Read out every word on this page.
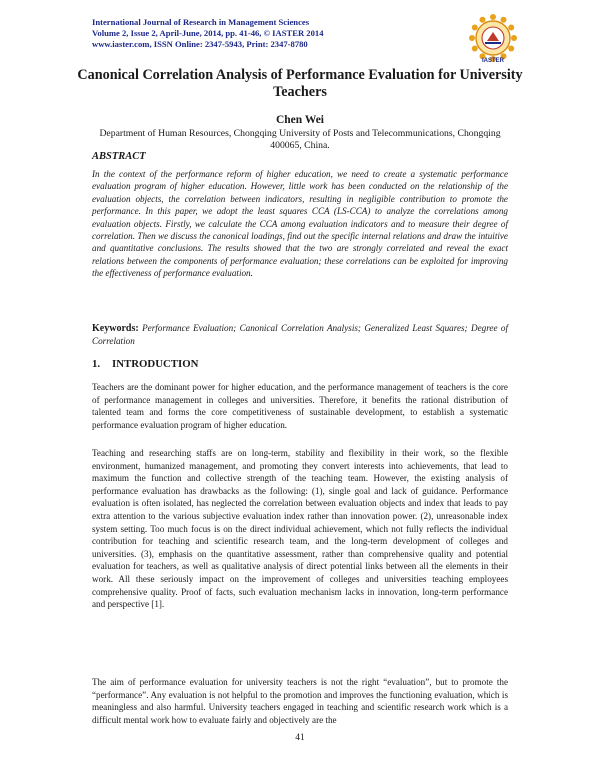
International Journal of Research in Management Sciences
Volume 2, Issue 2, April-June, 2014, pp. 41-46, © IASTER 2014
www.iaster.com, ISSN Online: 2347-5943, Print: 2347-8780
IASTER
Canonical Correlation Analysis of Performance Evaluation for University Teachers
Chen Wei
Department of Human Resources, Chongqing University of Posts and Telecommunications, Chongqing 400065, China.
ABSTRACT
In the context of the performance reform of higher education, we need to create a systematic performance evaluation program of higher education. However, little work has been conducted on the relationship of the evaluation objects, the correlation between indicators, resulting in negligible contribution to promote the performance. In this paper, we adopt the least squares CCA (LS-CCA) to analyze the correlations among evaluation objects. Firstly, we calculate the CCA among evaluation indicators and to measure their degree of correlation. Then we discuss the canonical loadings, find out the specific internal relations and draw the intuitive and quantitative conclusions. The results showed that the two are strongly correlated and reveal the exact relations between the components of performance evaluation; these correlations can be exploited for improving the effectiveness of performance evaluation.
Keywords: Performance Evaluation; Canonical Correlation Analysis; Generalized Least Squares; Degree of Correlation
1. INTRODUCTION
Teachers are the dominant power for higher education, and the performance management of teachers is the core of performance management in colleges and universities. Therefore, it benefits the rational distribution of talented team and forms the core competitiveness of sustainable development, to establish a systematic performance evaluation program of higher education.
Teaching and researching staffs are on long-term, stability and flexibility in their work, so the flexible environment, humanized management, and promoting they convert interests into achievements, that lead to maximum the function and collective strength of the teaching team. However, the existing analysis of performance evaluation has drawbacks as the following: (1), single goal and lack of guidance. Performance evaluation is often isolated, has neglected the correlation between evaluation objects and index that leads to pay extra attention to the various subjective evaluation index rather than innovation power. (2), unreasonable index system setting. Too much focus is on the direct individual achievement, which not fully reflects the individual contribution for teaching and scientific research team, and the long-term development of colleges and universities. (3), emphasis on the quantitative assessment, rather than comprehensive quality and potential evaluation for teachers, as well as qualitative analysis of direct potential links between all the elements in their work. All these seriously impact on the improvement of colleges and universities teaching employees comprehensive quality. Proof of facts, such evaluation mechanism lacks in innovation, long-term performance and perspective [1].
The aim of performance evaluation for university teachers is not the right “evaluation”, but to promote the “performance”. Any evaluation is not helpful to the promotion and improves the functioning evaluation, which is meaningless and also harmful. University teachers engaged in teaching and scientific research work which is a difficult mental work how to evaluate fairly and objectively are the
41
